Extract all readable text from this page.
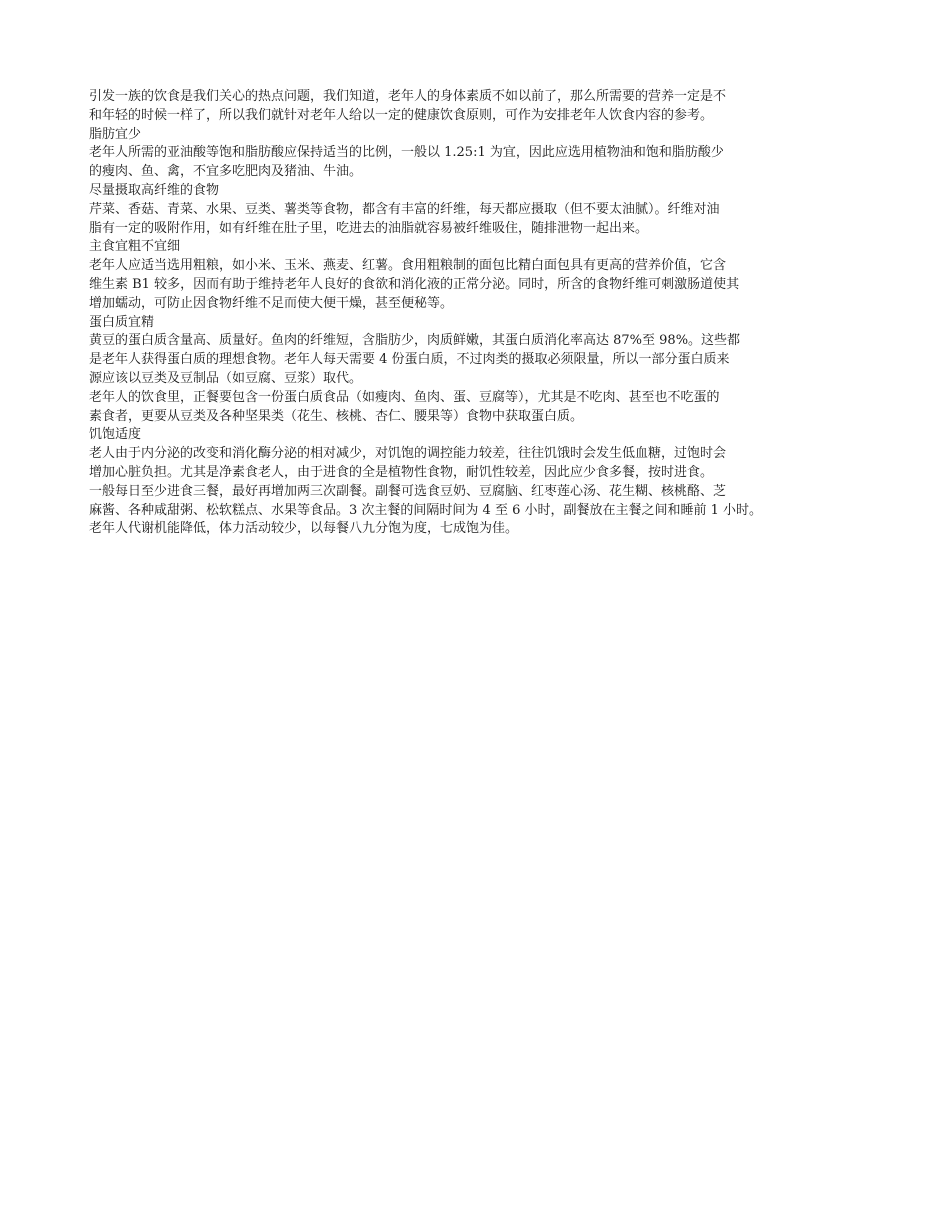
引发一族的饮食是我们关心的热点问题，我们知道，老年人的身体素质不如以前了，那么所需要的营养一定是不
和年轻的时候一样了，所以我们就针对老年人给以一定的健康饮食原则，可作为安排老年人饮食内容的参考。
脂肪宜少
老年人所需的亚油酸等饱和脂肪酸应保持适当的比例，一般以 1.25:1 为宜，因此应选用植物油和饱和脂肪酸少
的瘦肉、鱼、禽，不宜多吃肥肉及猪油、牛油。
尽量摄取高纤维的食物
芹菜、香菇、青菜、水果、豆类、薯类等食物，都含有丰富的纤维，每天都应摄取（但不要太油腻）。纤维对油
脂有一定的吸附作用，如有纤维在肚子里，吃进去的油脂就容易被纤维吸住，随排泄物一起出来。
主食宜粗不宜细
老年人应适当选用粗粮，如小米、玉米、燕麦、红薯。食用粗粮制的面包比精白面包具有更高的营养价值，它含
维生素 B1 较多，因而有助于维持老年人良好的食欲和消化液的正常分泌。同时，所含的食物纤维可刺激肠道使其
增加蠕动，可防止因食物纤维不足而使大便干燥，甚至便秘等。
蛋白质宜精
黄豆的蛋白质含量高、质量好。鱼肉的纤维短，含脂肪少，肉质鲜嫩，其蛋白质消化率高达 87%至 98%。这些都
是老年人获得蛋白质的理想食物。老年人每天需要 4 份蛋白质，不过肉类的摄取必须限量，所以一部分蛋白质来
源应该以豆类及豆制品（如豆腐、豆浆）取代。
老年人的饮食里，正餐要包含一份蛋白质食品（如瘦肉、鱼肉、蛋、豆腐等），尤其是不吃肉、甚至也不吃蛋的
素食者，更要从豆类及各种坚果类（花生、核桃、杏仁、腰果等）食物中获取蛋白质。
饥饱适度
老人由于内分泌的改变和消化酶分泌的相对减少，对饥饱的调控能力较差，往往饥饿时会发生低血糖，过饱时会
增加心脏负担。尤其是净素食老人，由于进食的全是植物性食物，耐饥性较差，因此应少食多餐，按时进食。
一般每日至少进食三餐，最好再增加两三次副餐。副餐可选食豆奶、豆腐脑、红枣莲心汤、花生糊、核桃酪、芝
麻酱、各种咸甜粥、松软糕点、水果等食品。3 次主餐的间隔时间为 4 至 6 小时，副餐放在主餐之间和睡前 1 小时。
老年人代谢机能降低，体力活动较少，以每餐八九分饱为度，七成饱为佳。
